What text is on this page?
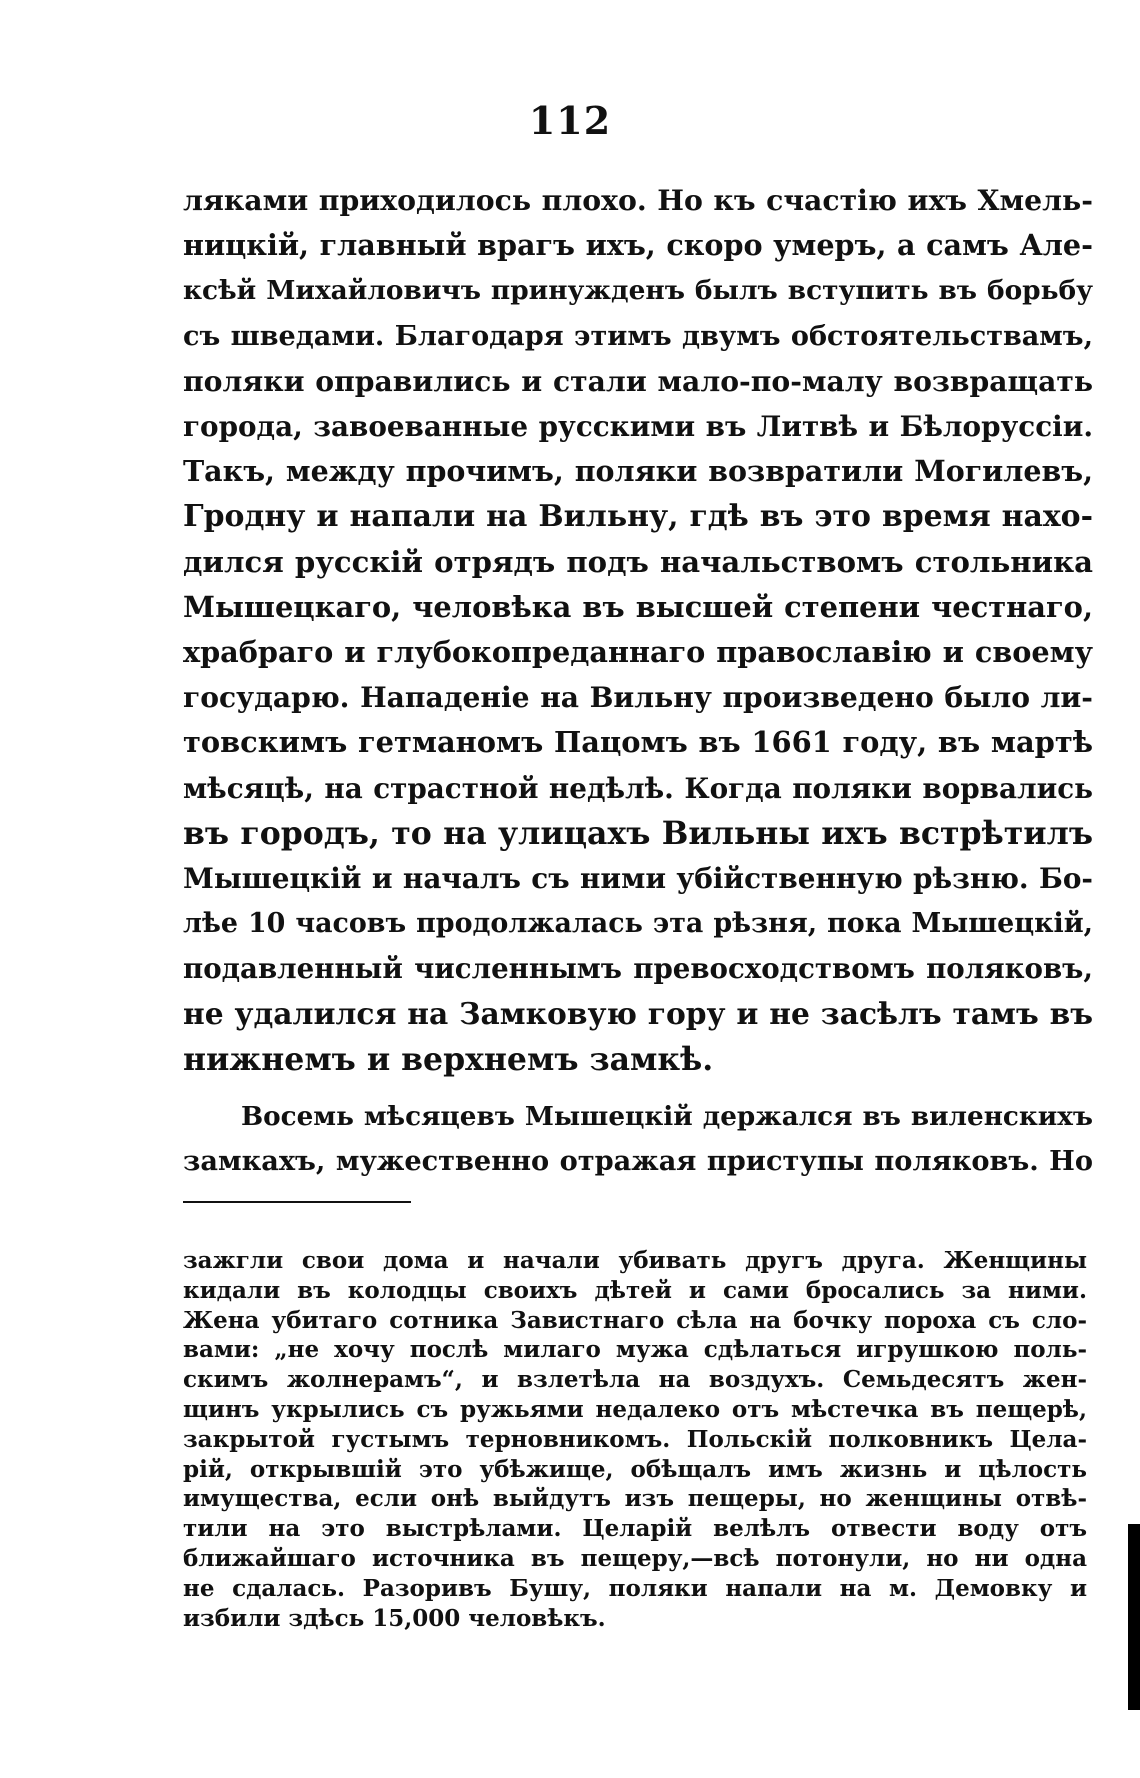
112
ляками приходилось плохо. Но къ счастію ихъ Хмель-
ницкій, главный врагъ ихъ, скоро умеръ, а самъ Але-
ксѣй Михайловичъ принужденъ былъ вступить въ борьбу
съ шведами. Благодаря этимъ двумъ обстоятельствамъ,
поляки оправились и стали мало-по-малу возвращать
города, завоеванные русскими въ Литвѣ и Бѣлоруссіи.
Такъ, между прочимъ, поляки возвратили Могилевъ,
Гродну и напали на Вильну, гдѣ въ это время нахо-
дился русскій отрядъ подъ начальствомъ стольника
Мышецкаго, человѣка въ высшей степени честнаго,
храбраго и глубокопреданнаго православію и своему
государю. Нападеніе на Вильну произведено было ли-
товскимъ гетманомъ Пацомъ въ 1661 году, въ мартѣ
мѣсяцѣ, на страстной недѣлѣ. Когда поляки ворвались
въ городъ, то на улицахъ Вильны ихъ встрѣтилъ
Мышецкій и началъ съ ними убійственную рѣзню. Бо-
лѣе 10 часовъ продолжалась эта рѣзня, пока Мышецкій,
подавленный численнымъ превосходствомъ поляковъ,
не удалился на Замковую гору и не засѣлъ тамъ въ
нижнемъ и верхнемъ замкѣ.
Восемь мѣсяцевъ Мышецкій держался въ виленскихъ
замкахъ, мужественно отражая приступы поляковъ. Но
зажгли свои дома и начали убивать другъ друга. Женщины
кидали въ колодцы своихъ дѣтей и сами бросались за ними.
Жена убитаго сотника Завистнаго сѣла на бочку пороха съ сло-
вами: „не хочу послѣ милаго мужа сдѣлаться игрушкою поль-
скимъ жолнерамъ“, и взлетѣла на воздухъ. Семьдесятъ жен-
щинъ укрылись съ ружьями недалеко отъ мѣстечка въ пещерѣ,
закрытой густымъ терновникомъ. Польскій полковникъ Цела-
рій, открывшій это убѣжище, обѣщалъ имъ жизнь и цѣлость
имущества, если онѣ выйдутъ изъ пещеры, но женщины отвѣ-
тили на это выстрѣлами. Целарій велѣлъ отвести воду отъ
ближайшаго источника въ пещеру,—всѣ потонули, но ни одна
не сдалась. Разоривъ Бушу, поляки напали на м. Демовку и
избили здѣсь 15,000 человѣкъ.
